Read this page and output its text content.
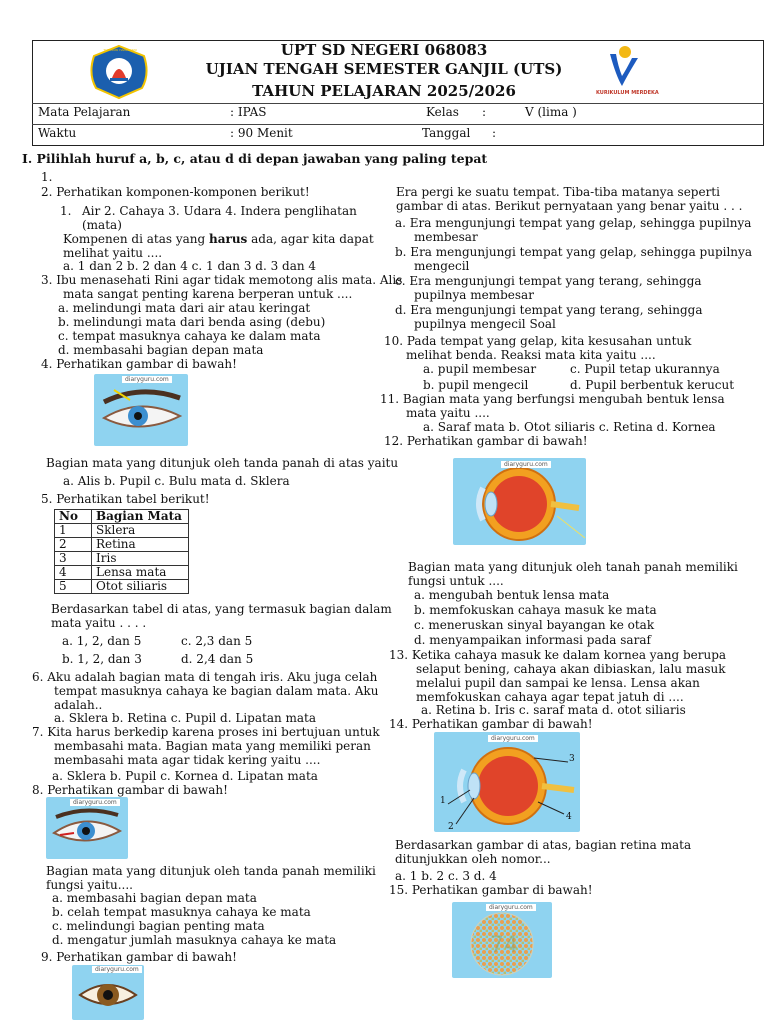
TUT WURI HANDAYANI
KURIKULUM MERDEKA
UPT SD NEGERI 068083
UJIAN TENGAH SEMESTER GANJIL (UTS)
TAHUN PELAJARAN 2025/2026
Mata Pelajaran	: IPAS	Kelas :	V (lima )
Waktu	: 90 Menit	Tanggal :
I. Pilihlah huruf a, b, c, atau d di depan jawaban yang paling tepat
1.
2. Perhatikan komponen-komponen berikut!
1. Air 2. Cahaya 3. Udara 4. Indera penglihatan
(mata)
Kompenen di atas yang harus ada, agar kita dapat
melihat yaitu ....
a. 1 dan 2 b. 2 dan 4 c. 1 dan 3 d. 3 dan 4
3. Ibu menasehati Rini agar tidak memotong alis mata. Alis
mata sangat penting karena berperan untuk ....
a. melindungi mata dari air atau keringat
b. melindungi mata dari benda asing (debu)
c. tempat masuknya cahaya ke dalam mata
d. membasahi bagian depan mata
4. Perhatikan gambar di bawah!
diaryguru.com
Bagian mata yang ditunjuk oleh tanda panah di atas yaitu
a. Alis b. Pupil c. Bulu mata d. Sklera
5. Perhatikan tabel berikut!
No	Bagian Mata
1	Sklera
2	Retina
3	Iris
4	Lensa mata
5	Otot siliaris
Berdasarkan tabel di atas, yang termasuk bagian dalam
mata yaitu . . . .
a. 1, 2, dan 5	c. 2,3 dan 5
b. 1, 2, dan 3	d. 2,4 dan 5
6. Aku adalah bagian mata di tengah iris. Aku juga celah
tempat masuknya cahaya ke bagian dalam mata. Aku
adalah..
a. Sklera b. Retina c. Pupil d. Lipatan mata
7. Kita harus berkedip karena proses ini bertujuan untuk
membasahi mata. Bagian mata yang memiliki peran
membasahi mata agar tidak kering yaitu ....
a. Sklera b. Pupil c. Kornea d. Lipatan mata
8. Perhatikan gambar di bawah!
diaryguru.com
Bagian mata yang ditunjuk oleh tanda panah memiliki
fungsi yaitu....
a. membasahi bagian depan mata
b. celah tempat masuknya cahaya ke mata
c. melindungi bagian penting mata
d. mengatur jumlah masuknya cahaya ke mata
9. Perhatikan gambar di bawah!
diaryguru.com
Era pergi ke suatu tempat. Tiba-tiba matanya seperti
gambar di atas. Berikut pernyataan yang benar yaitu . . .
a. Era mengunjungi tempat yang gelap, sehingga pupilnya
membesar
b. Era mengunjungi tempat yang gelap, sehingga pupilnya
mengecil
c. Era mengunjungi tempat yang terang, sehingga
pupilnya membesar
d. Era mengunjungi tempat yang terang, sehingga
pupilnya mengecil Soal
10. Pada tempat yang gelap, kita kesusahan untuk
melihat benda. Reaksi mata kita yaitu ....
a. pupil membesar	c. Pupil tetap ukurannya
b. pupil mengecil	d. Pupil berbentuk kerucut
11. Bagian mata yang berfungsi mengubah bentuk lensa
mata yaitu ....
a. Saraf mata b. Otot siliaris c. Retina d. Kornea
12. Perhatikan gambar di bawah!
diaryguru.com
Bagian mata yang ditunjuk oleh tanah panah memiliki
fungsi untuk ....
a. mengubah bentuk lensa mata
b. memfokuskan cahaya masuk ke mata
c. meneruskan sinyal bayangan ke otak
d. menyampaikan informasi pada saraf
13. Ketika cahaya masuk ke dalam kornea yang berupa
selaput bening, cahaya akan dibiaskan, lalu masuk
melalui pupil dan sampai ke lensa. Lensa akan
memfokuskan cahaya agar tepat jatuh di ....
a. Retina b. Iris c. saraf mata d. otot siliaris
14. Perhatikan gambar di bawah!
diaryguru.com
1
2
3
4
Berdasarkan gambar di atas, bagian retina mata
ditunjukkan oleh nomor...
a. 1 b. 2 c. 3 d. 4
15. Perhatikan gambar di bawah!
74
diaryguru.com
